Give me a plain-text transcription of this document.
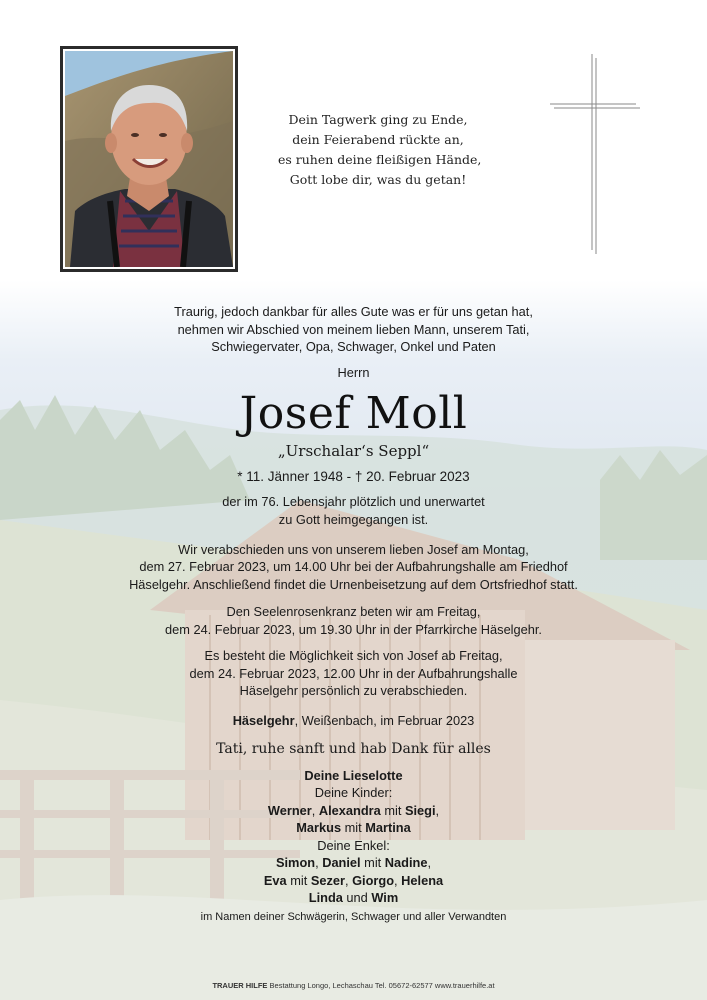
Dein Tagwerk ging zu Ende,
dein Feierabend rückte an,
es ruhen deine fleißigen Hände,
Gott lobe dir, was du getan!
Traurig, jedoch dankbar für alles Gute was er für uns getan hat,
nehmen wir Abschied von meinem lieben Mann, unserem Tati,
Schwiegervater, Opa, Schwager, Onkel und Paten
Herrn
Josef Moll
„Urschalar‘s Seppl“
* 11. Jänner 1948 - † 20. Februar 2023
der im 76. Lebensjahr plötzlich und unerwartet
zu Gott heimgegangen ist.
Wir verabschieden uns von unserem lieben Josef am Montag,
dem 27. Februar 2023, um 14.00 Uhr bei der Aufbahrungshalle am Friedhof
Häselgehr. Anschließend findet die Urnenbeisetzung auf dem Ortsfriedhof statt.
Den Seelenrosenkranz beten wir am Freitag,
dem 24. Februar 2023, um 19.30 Uhr in der Pfarrkirche Häselgehr.
Es besteht die Möglichkeit sich von Josef ab Freitag,
dem 24. Februar 2023, 12.00 Uhr in der Aufbahrungshalle
Häselgehr persönlich zu verabschieden.
Häselgehr, Weißenbach, im Februar 2023
Tati, ruhe sanft und hab Dank für alles
Deine Lieselotte
Deine Kinder:
Werner, Alexandra mit Siegi,
Markus mit Martina
Deine Enkel:
Simon, Daniel mit Nadine,
Eva mit Sezer, Giorgo, Helena
Linda und Wim
im Namen deiner Schwägerin, Schwager und aller Verwandten
TRAUER HILFE Bestattung Longo, Lechaschau Tel. 05672-62577 www.trauerhilfe.at
